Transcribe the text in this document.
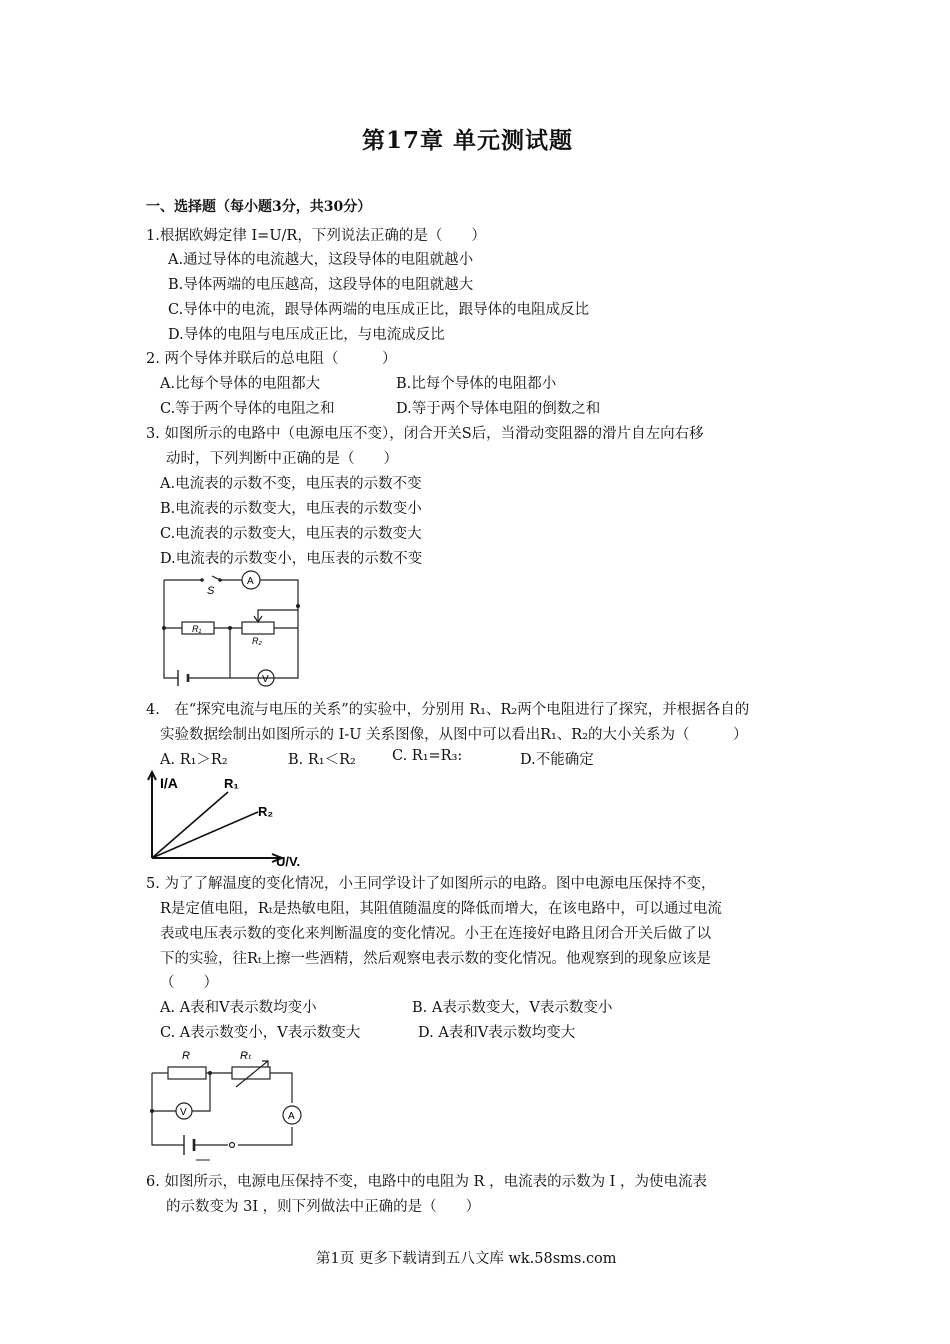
第17章 单元测试题
一、选择题（每小题3分，共30分）
1.根据欧姆定律 I=U/R，下列说法正确的是（　　）
A.通过导体的电流越大，这段导体的电阻就越小
B.导体两端的电压越高，这段导体的电阻就越大
C.导体中的电流，跟导体两端的电压成正比，跟导体的电阻成反比
D.导体的电阻与电压成正比，与电流成反比
2. 两个导体并联后的总电阻（　　　）
A.比每个导体的电阻都大	B.比每个导体的电阻都小
C.等于两个导体的电阻之和	D.等于两个导体电阻的倒数之和
3. 如图所示的电路中（电源电压不变），闭合开关S后，当滑动变阻器的滑片自左向右移
动时，下列判断中正确的是（　　）
A.电流表的示数不变，电压表的示数不变
B.电流表的示数变大，电压表的示数变小
C.电流表的示数变大，电压表的示数变大
D.电流表的示数变小，电压表的示数不变
S
A
V
R₁
R₂
4.　在“探究电流与电压的关系”的实验中，分别用 R₁、R₂两个电阻进行了探究，并根据各自的
实验数据绘制出如图所示的 I-U 关系图像，从图中可以看出R₁、R₂的大小关系为（　　　）
A. R₁＞R₂	B. R₁＜R₂ C. R₁=R₃:	D.不能确定
I/A	R₁
R₂
U/V.
5. 为了了解温度的变化情况，小王同学设计了如图所示的电路。图中电源电压保持不变，
R是定值电阻，Rₜ是热敏电阻，其阻值随温度的降低而增大，在该电路中，可以通过电流
表或电压表示数的变化来判断温度的变化情况。小王在连接好电路且闭合开关后做了以
下的实验，往Rₜ上擦一些酒精，然后观察电表示数的变化情况。他观察到的现象应该是
（　　）
A. A表和V表示数均变小	B. A表示数变大，V表示数变小
C. A表示数变小，V表示数变大	D. A表和V表示数均变大
R	Rₜ
V	A
6. 如图所示，电源电压保持不变，电路中的电阻为 R ，电流表的示数为 I ，为使电流表
的示数变为 3I ，则下列做法中正确的是（　　）
第1页 更多下载请到五八文库 wk.58sms.com
